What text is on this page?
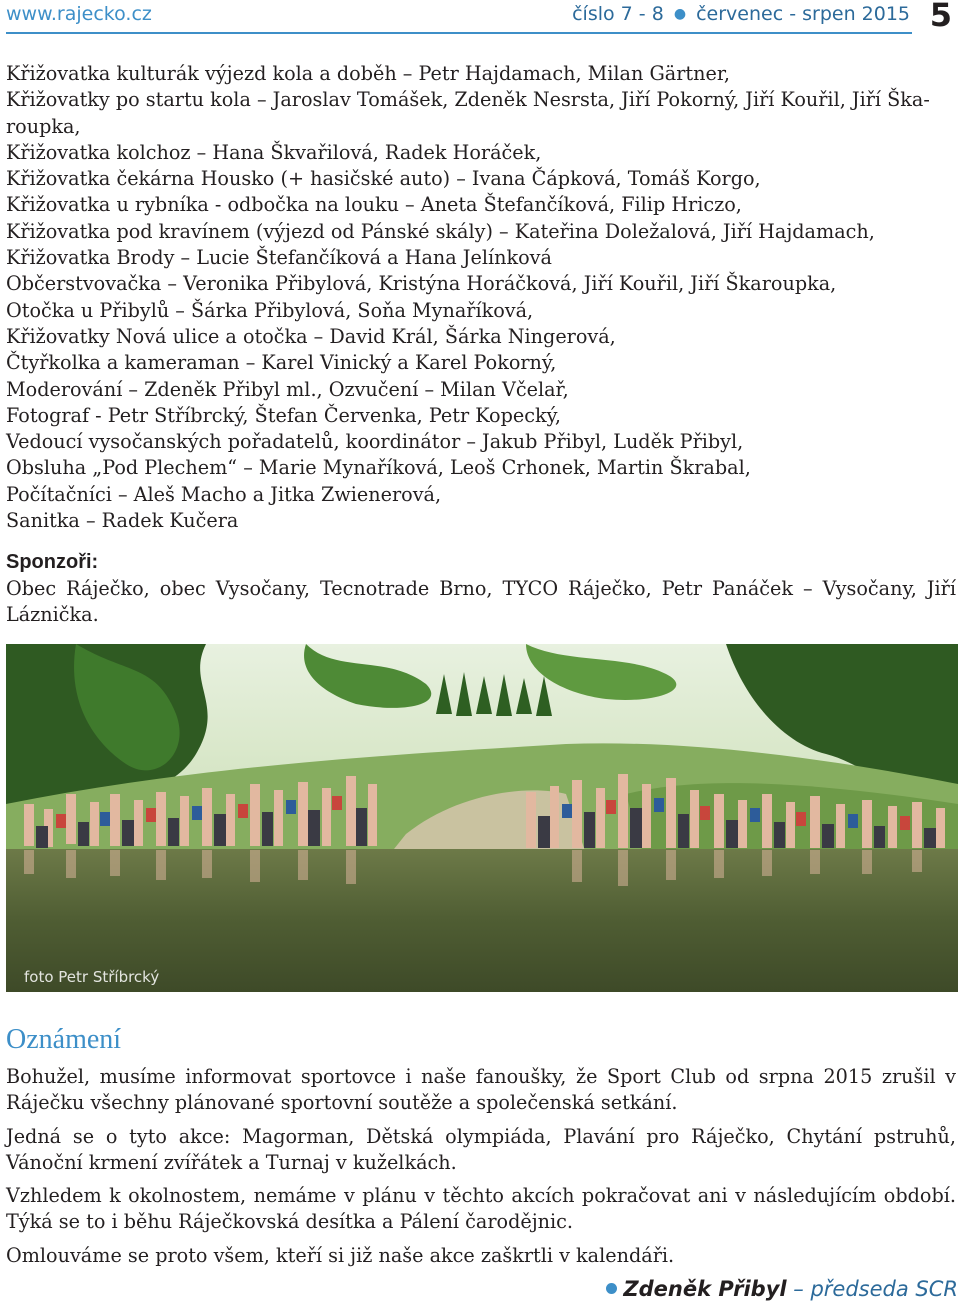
www.rajecko.cz	číslo 7 - 8 ● červenec - srpen 2015 5
Křižovatka kulturák výjezd kola a doběh – Petr Hajdamach, Milan Gärtner,
Křižovatky po startu kola – Jaroslav Tomášek, Zdeněk Nesrsta, Jiří Pokorný, Jiří Kouřil, Jiří Ška-
roupka,
Křižovatka kolchoz – Hana Škvařilová, Radek Horáček,
Křižovatka čekárna Housko (+ hasičské auto) – Ivana Čápková, Tomáš Korgo,
Křižovatka u rybníka - odbočka na louku – Aneta Štefančíková, Filip Hriczo,
Křižovatka pod kravínem (výjezd od Pánské skály) – Kateřina Doležalová, Jiří Hajdamach,
Křižovatka Brody – Lucie Štefančíková a Hana Jelínková
Občerstvovačka – Veronika Přibylová, Kristýna Horáčková, Jiří Kouřil, Jiří Škaroupka,
Otočka u Přibylů – Šárka Přibylová, Soňa Mynaříková,
Křižovatky Nová ulice a otočka – David Král, Šárka Ningerová,
Čtyřkolka a kameraman – Karel Vinický a Karel Pokorný,
Moderování – Zdeněk Přibyl ml., Ozvučení – Milan Včelař,
Fotograf - Petr Stříbrcký, Štefan Červenka, Petr Kopecký,
Vedoucí vysočanských pořadatelů, koordinátor – Jakub Přibyl, Luděk Přibyl,
Obsluha „Pod Plechem“ – Marie Mynaříková, Leoš Crhonek, Martin Škrabal,
Počítačníci – Aleš Macho a Jitka Zwienerová,
Sanitka – Radek Kučera
Sponzoři:
Obec Ráječko, obec Vysočany, Tecnotrade Brno, TYCO Ráječko, Petr Panáček – Vysočany, Jiří Láznička.
foto Petr Stříbrcký
Oznámení

Bohužel, musíme informovat sportovce i naše fanoušky, že Sport Club od srpna 2015 zrušil v Ráječku všechny plánované sportovní soutěže a společenská setkání.

Jedná se o tyto akce: Magorman, Dětská olympiáda, Plavání pro Ráječko, Chytání pstruhů, Vánoční krmení zvířátek a Turnaj v kuželkách.

Vzhledem k okolnostem, nemáme v plánu v těchto akcích pokračovat ani v následujícím období. Týká se to i běhu Ráječkovská desítka a Pálení čarodějnic.

Omlouváme se proto všem, kteří si již naše akce zaškrtli v kalendáři.

Zdeněk Přibyl – předseda SCR
